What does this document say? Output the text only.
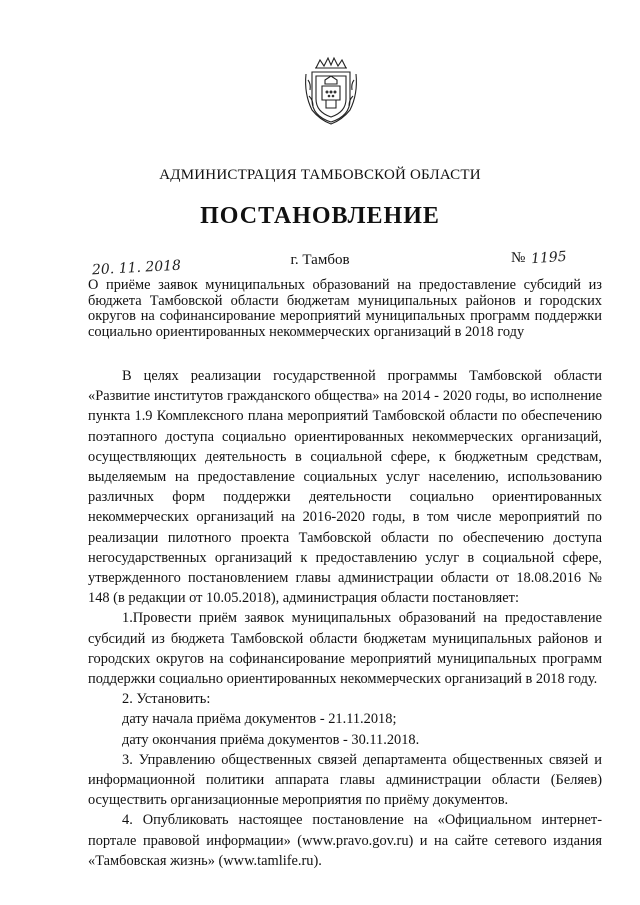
АДМИНИСТРАЦИЯ ТАМБОВСКОЙ ОБЛАСТИ
ПОСТАНОВЛЕНИЕ
20. 11. 2018	г. Тамбов	№ 1195
О приёме заявок муниципальных образований на предоставление субсидий из бюджета Тамбовской области бюджетам муниципальных районов и городских округов на софинансирование мероприятий муниципальных программ поддержки социально ориентированных некоммерческих организаций в 2018 году

В целях реализации государственной программы Тамбовской области «Развитие институтов гражданского общества» на 2014 - 2020 годы, во исполнение пункта 1.9 Комплексного плана мероприятий Тамбовской области по обеспечению поэтапного доступа социально ориентированных некоммерческих организаций, осуществляющих деятельность в социальной сфере, к бюджетным средствам, выделяемым на предоставление социальных услуг населению, использованию различных форм поддержки деятельности социально ориентированных некоммерческих организаций на 2016-2020 годы, в том числе мероприятий по реализации пилотного проекта Тамбовской области по обеспечению доступа негосударственных организаций к предоставлению услуг в социальной сфере, утвержденного постановлением главы администрации области от 18.08.2016 № 148 (в редакции от 10.05.2018), администрация области постановляет:

1.Провести приём заявок муниципальных образований на предоставление субсидий из бюджета Тамбовской области бюджетам муниципальных районов и городских округов на софинансирование мероприятий муниципальных программ поддержки социально ориентированных некоммерческих организаций в 2018 году.

2. Установить:

дату начала приёма документов - 21.11.2018;

дату окончания приёма документов - 30.11.2018.

3. Управлению общественных связей департамента общественных связей и информационной политики аппарата главы администрации области (Беляев) осуществить организационные мероприятия по приёму документов.

4. Опубликовать настоящее постановление на «Официальном интернет-портале правовой информации» (www.pravo.gov.ru) и на сайте сетевого издания «Тамбовская жизнь» (www.tamlife.ru).
